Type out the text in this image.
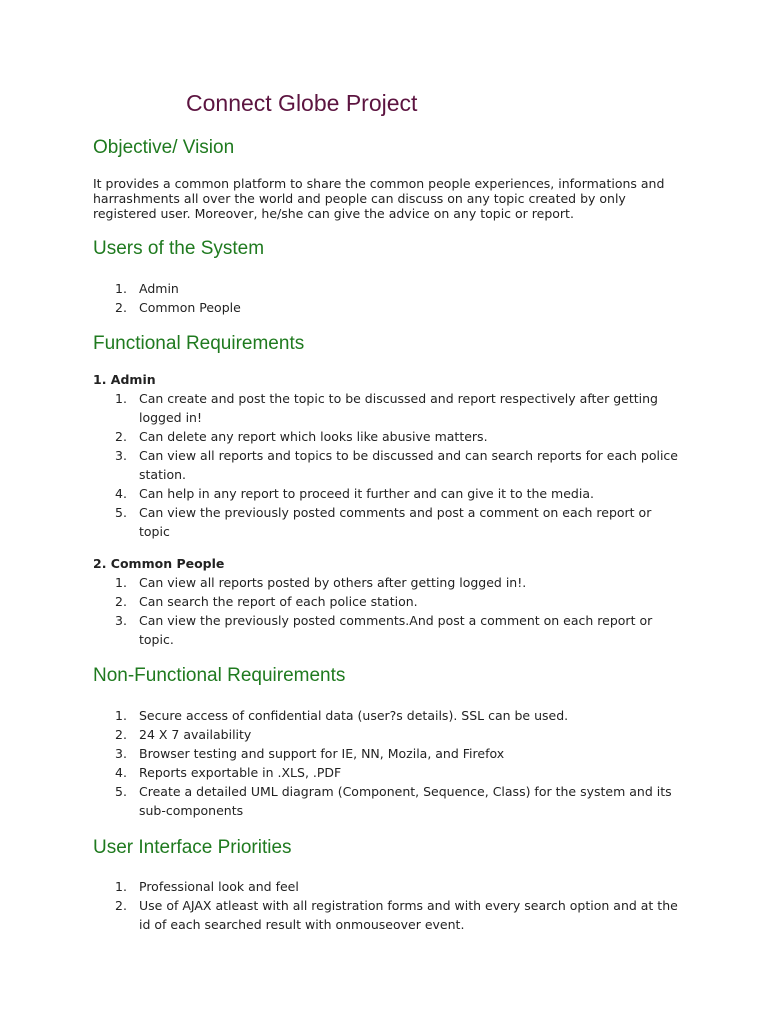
Connect Globe Project
Objective/ Vision

It provides a common platform to share the common people experiences, informations and harrashments all over the world and people can discuss on any topic created by only registered user. Moreover, he/she can give the advice on any topic or report.

Users of the System
1. Admin
2. Common People
Functional Requirements

1. Admin

1. Can create and post the topic to be discussed and report respectively after getting logged in!
2. Can delete any report which looks like abusive matters.
3. Can view all reports and topics to be discussed and can search reports for each police station.
4. Can help in any report to proceed it further and can give it to the media.
5. Can view the previously posted comments and post a comment on each report or topic

2. Common People

1. Can view all reports posted by others after getting logged in!.
2. Can search the report of each police station.
3. Can view the previously posted comments.And post a comment on each report or topic.
Non-Functional Requirements
1. Secure access of confidential data (user?s details). SSL can be used.
2. 24 X 7 availability
3. Browser testing and support for IE, NN, Mozila, and Firefox
4. Reports exportable in .XLS, .PDF
5. Create a detailed UML diagram (Component, Sequence, Class) for the system and its sub-components
User Interface Priorities
1. Professional look and feel
2. Use of AJAX atleast with all registration forms and with every search option and at the id of each searched result with onmouseover event.
